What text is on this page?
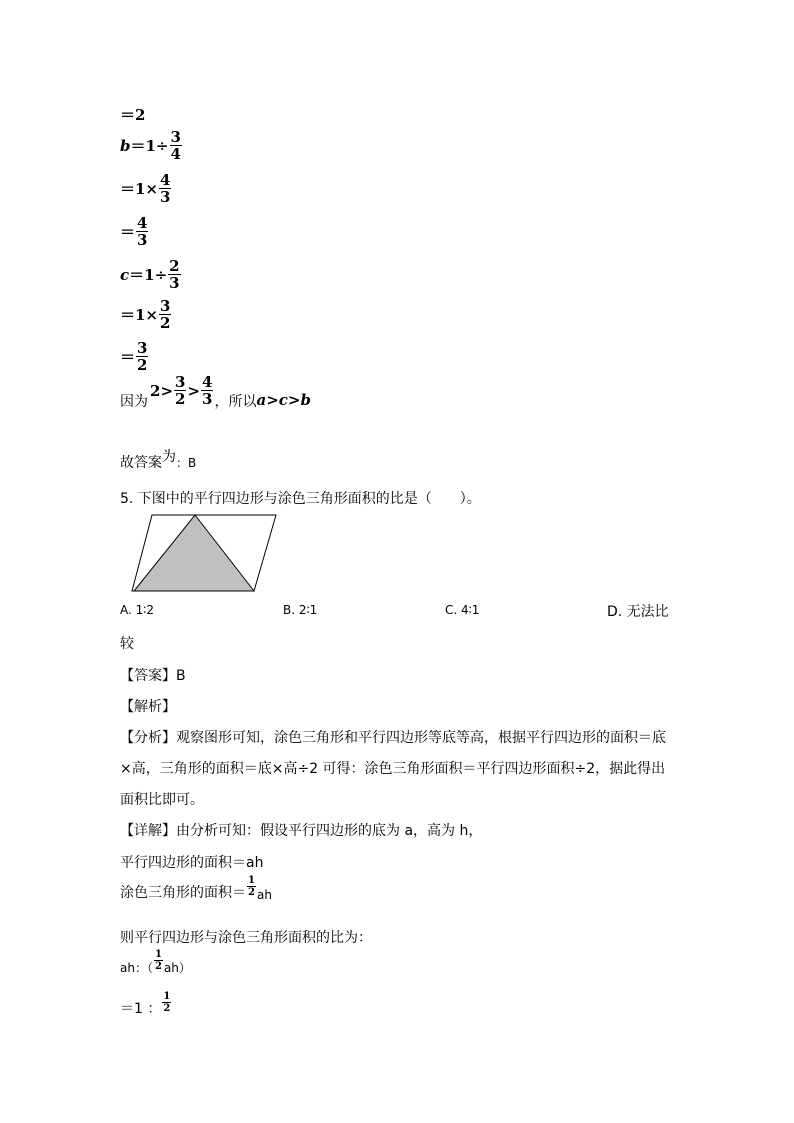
＝2
$b =1\div \frac{3}{4}$
$=1\times \frac{4}{3}$
＝ $\frac{4}{3}$
$c =1\div \frac{2}{3}$
$=1\times \frac{3}{2}$
＝ $\frac{3}{2}$
因为
$2 > \frac{3}{2} > \frac{4}{3}$ ，所以 a>c>b
故答案为：B
5. 下图中的平行四边形与涂色三角形面积的比是（　　）。
A. 1∶2	B. 2∶1	C. 4∶1	D. 无法比
较
【答案】B
【解析】
【分析】观察图形可知，涂色三角形和平行四边形等底等高，根据平行四边形的面积＝底
×高，三角形的面积＝底×高÷2 可得：涂色三角形面积＝平行四边形面积÷2，据此得出
面积比即可。
【详解】由分析可知：假设平行四边形的底为 a，高为 h，
平行四边形的面积＝ah
涂色三角形的面积＝ $\frac{1}{2}$ ah
则平行四边形与涂色三角形面积的比为：
ah：（ $\frac{1}{2} ah$）
＝1 ： $\frac{1}{2}$
